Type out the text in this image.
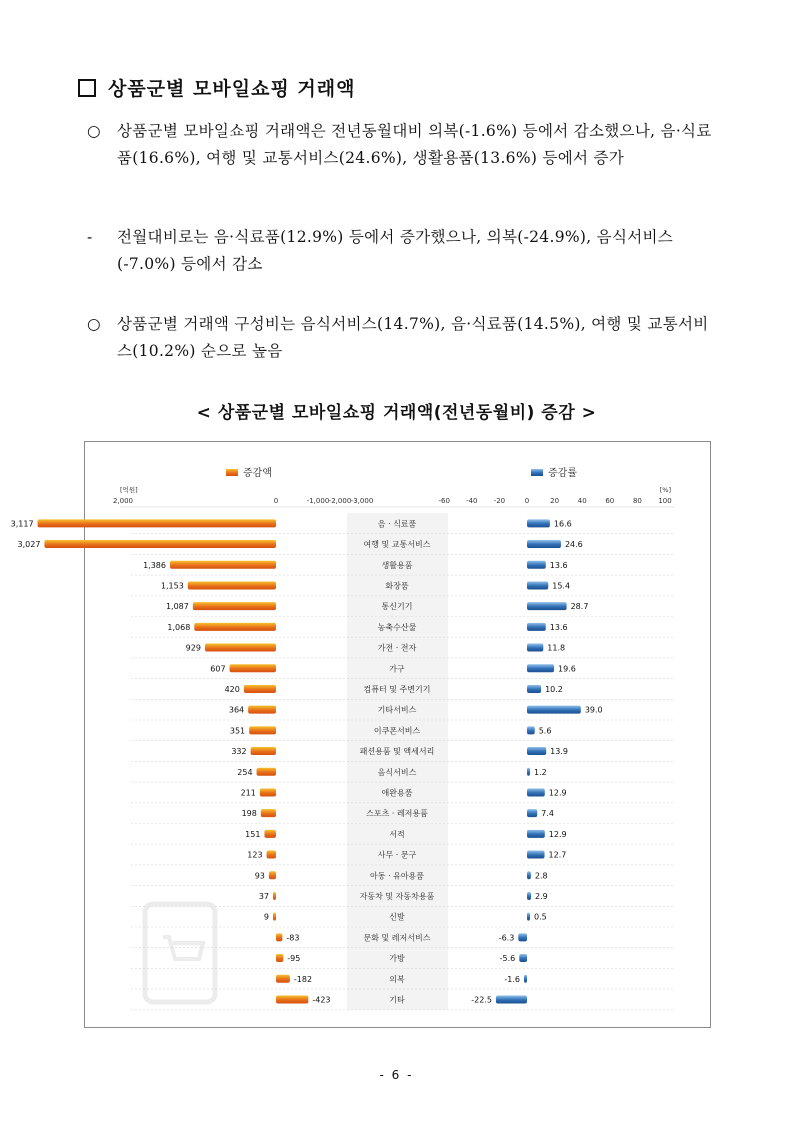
상품군별 모바일쇼핑 거래액
○ 상품군별 모바일쇼핑 거래액은 전년동월대비 의복(-1.6%) 등에서 감소했으나, 음·식료품(16.6%), 여행 및 교통서비스(24.6%), 생활용품(13.6%) 등에서 증가
- 전월대비로는 음·식료품(12.9%) 등에서 증가했으나, 의복(-24.9%), 음식서비스(-7.0%) 등에서 감소
○ 상품군별 거래액 구성비는 음식서비스(14.7%), 음·식료품(14.5%), 여행 및 교통서비스(10.2%) 순으로 높음
< 상품군별 모바일쇼핑 거래액(전년동월비) 증감 >
증감액	증감률
[억원]	[%]
2,000	0	-1,000 -2,000 -3,000	-60 -40 -20	0	20	40	60	80 100
음 · 식료품
3,117	16.6
여행 및 교통서비스
3,027	24.6
생활용품
1,386	13.6
화장품
1,153	15.4
통신기기
1,087	28.7
농축수산물
1,068	13.6
가전 · 전자
929	11.8
가구
607	19.6
컴퓨터 및 주변기기
420	10.2
기타서비스
364	39.0
이쿠폰서비스
351	5.6
패션용품 및 액세서리
332	13.9
음식서비스
254	1.2
애완용품
211	12.9
스포츠 · 레저용품
198	7.4
서적
151	12.9
사무 · 문구
123	12.7
아동 · 유아용품
93	2.8
자동차 및 자동차용품
37	2.9
신발
9	0.5
문화 및 레저서비스
-83	-6.3
가방
-95	-5.6
의복
-182	-1.6
기타
-423	-22.5
- 6 -
